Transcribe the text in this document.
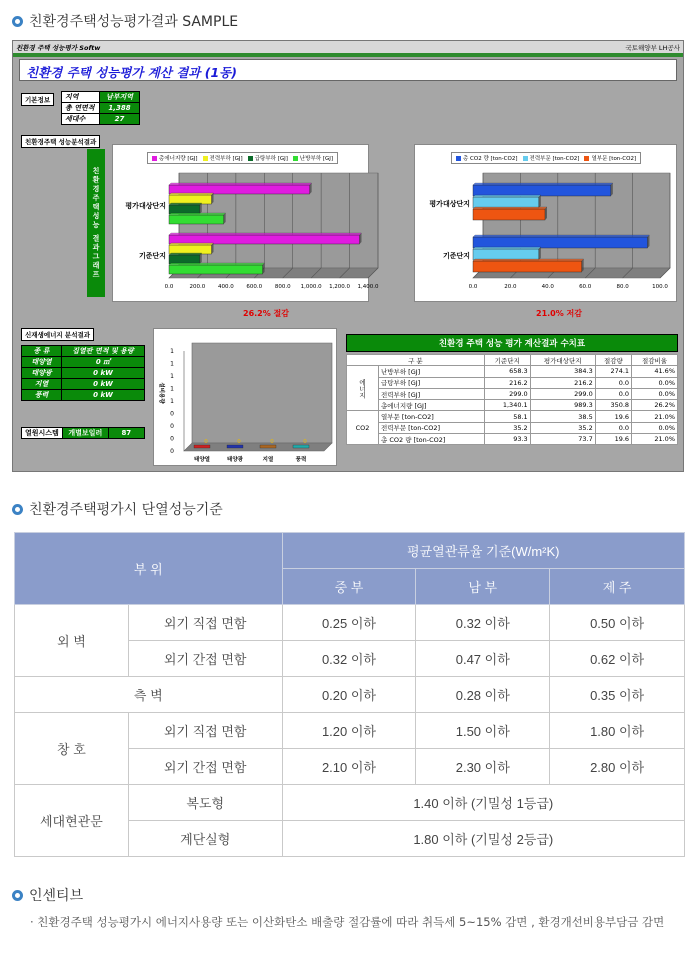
친환경주택성능평가결과 SAMPLE
친환경 주택 성능평가 Softw	국토해양부 LH공사
친환경 주택 성능평가 계산 결과 (1동)
기본정보	지역	남부지역
총 연면적	1,388
세대수	27
친환경주택 성능분석결과
친환경주택성능 결과그래프
총에너지량 [GJ] 전력부하 [GJ] 급탕부하 [GJ] 난방부하 [GJ]
0.0	200.0 400.0 600.0 800.0 1,000.0 1,200.0 1,400.0
평가대상단지
기준단지
26.2% 절감
총 CO2 량 [ton-CO2] 전력부문 [ton-CO2] 열부문 [ton-CO2]
0.0	20.0	40.0	60.0	80.0	100.0
평가대상단지
기준단지
21.0% 저감
신재생에너지 분석결과
종 류	집열판 면적 및 용량
태양열	0 ㎡
태양광	0 kW
지열	0 kW
풍력	0 kW
열원시스템	개별보일러	87
0
0
0
0
1
1
1
1
1
설비용량
0
태양열
0
태양광
0
지열
0
풍력
친환경 주택 성능 평가 계산결과 수치표
구 분		기준단지	평가대상단지	절감량	절감비율
에너지	난방부하 [GJ]	658.3	384.3	274.1	41.6%
	급탕부하 [GJ]	216.2	216.2	0.0	0.0%
	전력부하 [GJ]	299.0	299.0	0.0	0.0%
	총에너지량 [GJ]	1,340.1	989.3	350.8	26.2%
CO2	열부문 [ton-CO2]	58.1	38.5	19.6	21.0%
	전력부문 [ton-CO2]	35.2	35.2	0.0	0.0%
	총 CO2 량 [ton-CO2]	93.3	73.7	19.6	21.0%
친환경주택평가시 단열성능기준
부 위		평균열관류율 기준(W/m²K)		
		중 부	남 부	제 주
외 벽	외기 직접 면함	0.25 이하	0.32 이하	0.50 이하
	외기 간접 면함	0.32 이하	0.47 이하	0.62 이하
측 벽		0.20 이하	0.28 이하	0.35 이하
창 호	외기 직접 면함	1.20 이하	1.50 이하	1.80 이하
	외기 간접 면함	2.10 이하	2.30 이하	2.80 이하
세대현관문	복도형	1.40 이하 (기밀성 1등급)		
	계단실형	1.80 이하 (기밀성 2등급)		
인센티브
· 친환경주택 성능평가시 에너지사용량 또는 이산화탄소 배출량 절감률에 따라 취득세 5~15% 감면 , 환경개선비용부담금 감면
